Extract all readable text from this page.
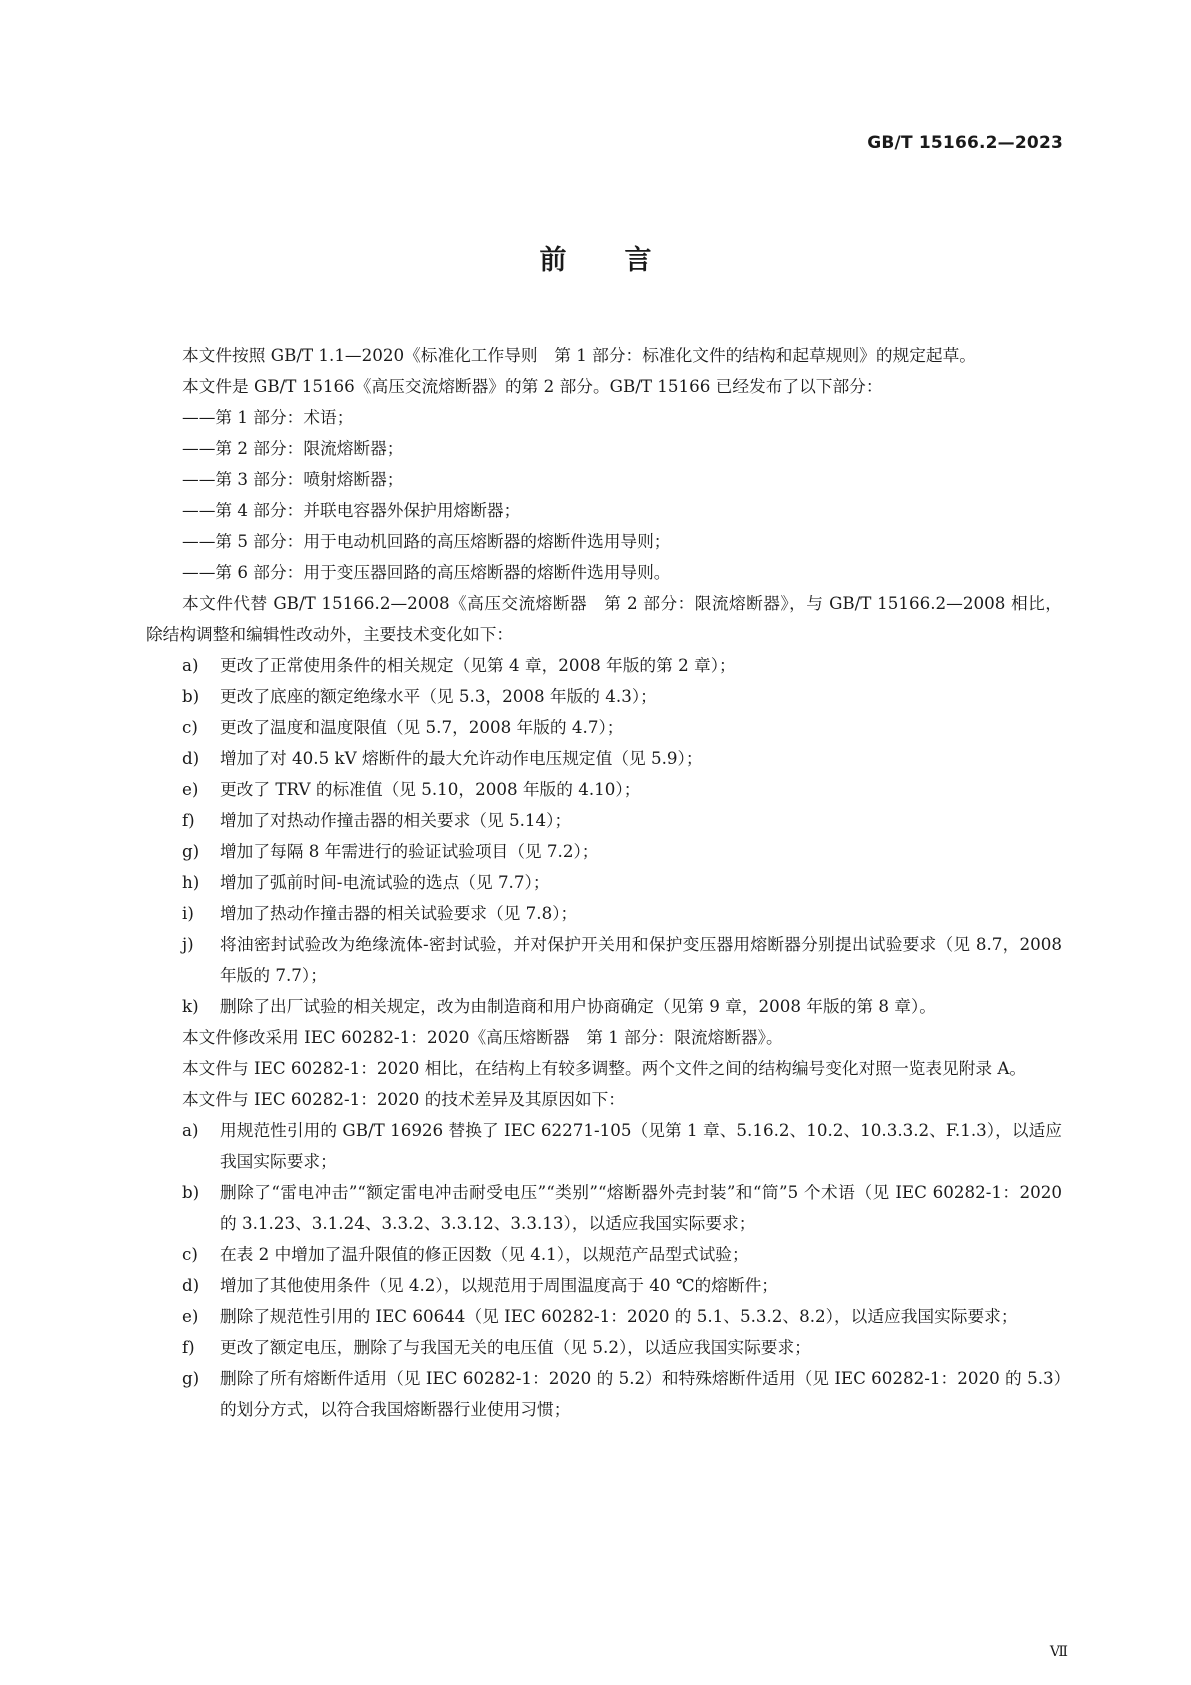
GB/T 15166.2—2023
前言

本文件按照 GB/T 1.1—2020《标准化工作导则　第 1 部分：标准化文件的结构和起草规则》的规定起草。

本文件是 GB/T 15166《高压交流熔断器》的第 2 部分。GB/T 15166 已经发布了以下部分：

——第 1 部分：术语；

——第 2 部分：限流熔断器；

——第 3 部分：喷射熔断器；

——第 4 部分：并联电容器外保护用熔断器；

——第 5 部分：用于电动机回路的高压熔断器的熔断件选用导则；

——第 6 部分：用于变压器回路的高压熔断器的熔断件选用导则。

本文件代替 GB/T 15166.2—2008《高压交流熔断器　第 2 部分：限流熔断器》，与 GB/T 15166.2—2008 相比，除结构调整和编辑性改动外，主要技术变化如下：

a)	更改了正常使用条件的相关规定（见第 4 章，2008 年版的第 2 章）；
b)	更改了底座的额定绝缘水平（见 5.3，2008 年版的 4.3）；
c)	更改了温度和温度限值（见 5.7，2008 年版的 4.7）；
d)	增加了对 40.5 kV 熔断件的最大允许动作电压规定值（见 5.9）；
e)	更改了 TRV 的标准值（见 5.10，2008 年版的 4.10）；
f)	增加了对热动作撞击器的相关要求（见 5.14）；
g)	增加了每隔 8 年需进行的验证试验项目（见 7.2）；
h)	增加了弧前时间-电流试验的选点（见 7.7）；
i)	增加了热动作撞击器的相关试验要求（见 7.8）；
j)	将油密封试验改为绝缘流体-密封试验，并对保护开关用和保护变压器用熔断器分别提出试验要求（见 8.7，2008 年版的 7.7）；
k)	删除了出厂试验的相关规定，改为由制造商和用户协商确定（见第 9 章，2008 年版的第 8 章）。

本文件修改采用 IEC 60282-1：2020《高压熔断器　第 1 部分：限流熔断器》。

本文件与 IEC 60282-1：2020 相比，在结构上有较多调整。两个文件之间的结构编号变化对照一览表见附录 A。

本文件与 IEC 60282-1：2020 的技术差异及其原因如下：

a)	用规范性引用的 GB/T 16926 替换了 IEC 62271-105（见第 1 章、5.16.2、10.2、10.3.3.2、F.1.3），以适应我国实际要求；
b)	删除了“雷电冲击”“额定雷电冲击耐受电压”“类别”“熔断器外壳封装”和“筒”5 个术语（见 IEC 60282-1：2020 的 3.1.23、3.1.24、3.3.2、3.3.12、3.3.13），以适应我国实际要求；
c)	在表 2 中增加了温升限值的修正因数（见 4.1），以规范产品型式试验；
d)	增加了其他使用条件（见 4.2），以规范用于周围温度高于 40 ℃的熔断件；
e)	删除了规范性引用的 IEC 60644（见 IEC 60282-1：2020 的 5.1、5.3.2、8.2），以适应我国实际要求；
f)	更改了额定电压，删除了与我国无关的电压值（见 5.2），以适应我国实际要求；
g)	删除了所有熔断件适用（见 IEC 60282-1：2020 的 5.2）和特殊熔断件适用（见 IEC 60282-1：2020 的 5.3）的划分方式，以符合我国熔断器行业使用习惯；
Ⅶ
